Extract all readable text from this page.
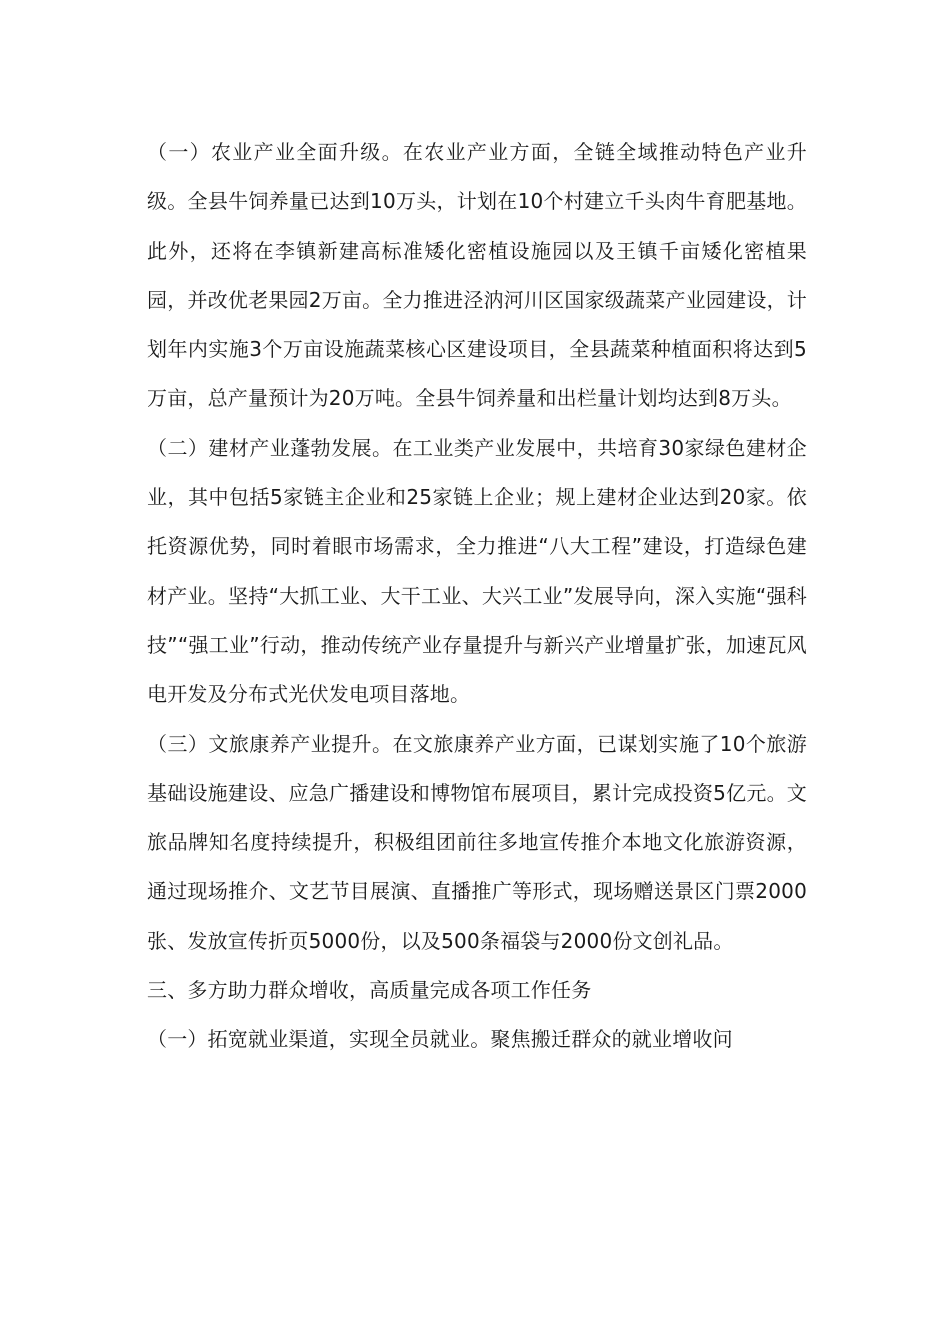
（一）农业产业全面升级。在农业产业方面，全链全域推动特色产业升级。全县牛饲养量已达到10万头，计划在10个村建立千头肉牛育肥基地。此外，还将在李镇新建高标准矮化密植设施园以及王镇千亩矮化密植果园，并改优老果园2万亩。全力推进泾汭河川区国家级蔬菜产业园建设，计划年内实施3个万亩设施蔬菜核心区建设项目，全县蔬菜种植面积将达到5万亩，总产量预计为20万吨。全县牛饲养量和出栏量计划均达到8万头。

（二）建材产业蓬勃发展。在工业类产业发展中，共培育30家绿色建材企业，其中包括5家链主企业和25家链上企业；规上建材企业达到20家。依托资源优势，同时着眼市场需求，全力推进“八大工程”建设，打造绿色建材产业。坚持“大抓工业、大干工业、大兴工业”发展导向，深入实施“强科技”“强工业”行动，推动传统产业存量提升与新兴产业增量扩张，加速瓦风电开发及分布式光伏发电项目落地。

（三）文旅康养产业提升。在文旅康养产业方面，已谋划实施了10个旅游基础设施建设、应急广播建设和博物馆布展项目，累计完成投资5亿元。文旅品牌知名度持续提升，积极组团前往多地宣传推介本地文化旅游资源，通过现场推介、文艺节目展演、直播推广等形式，现场赠送景区门票2000张、发放宣传折页5000份，以及500条福袋与2000份文创礼品。

三、多方助力群众增收，高质量完成各项工作任务

（一）拓宽就业渠道，实现全员就业。聚焦搬迁群众的就业增收问
